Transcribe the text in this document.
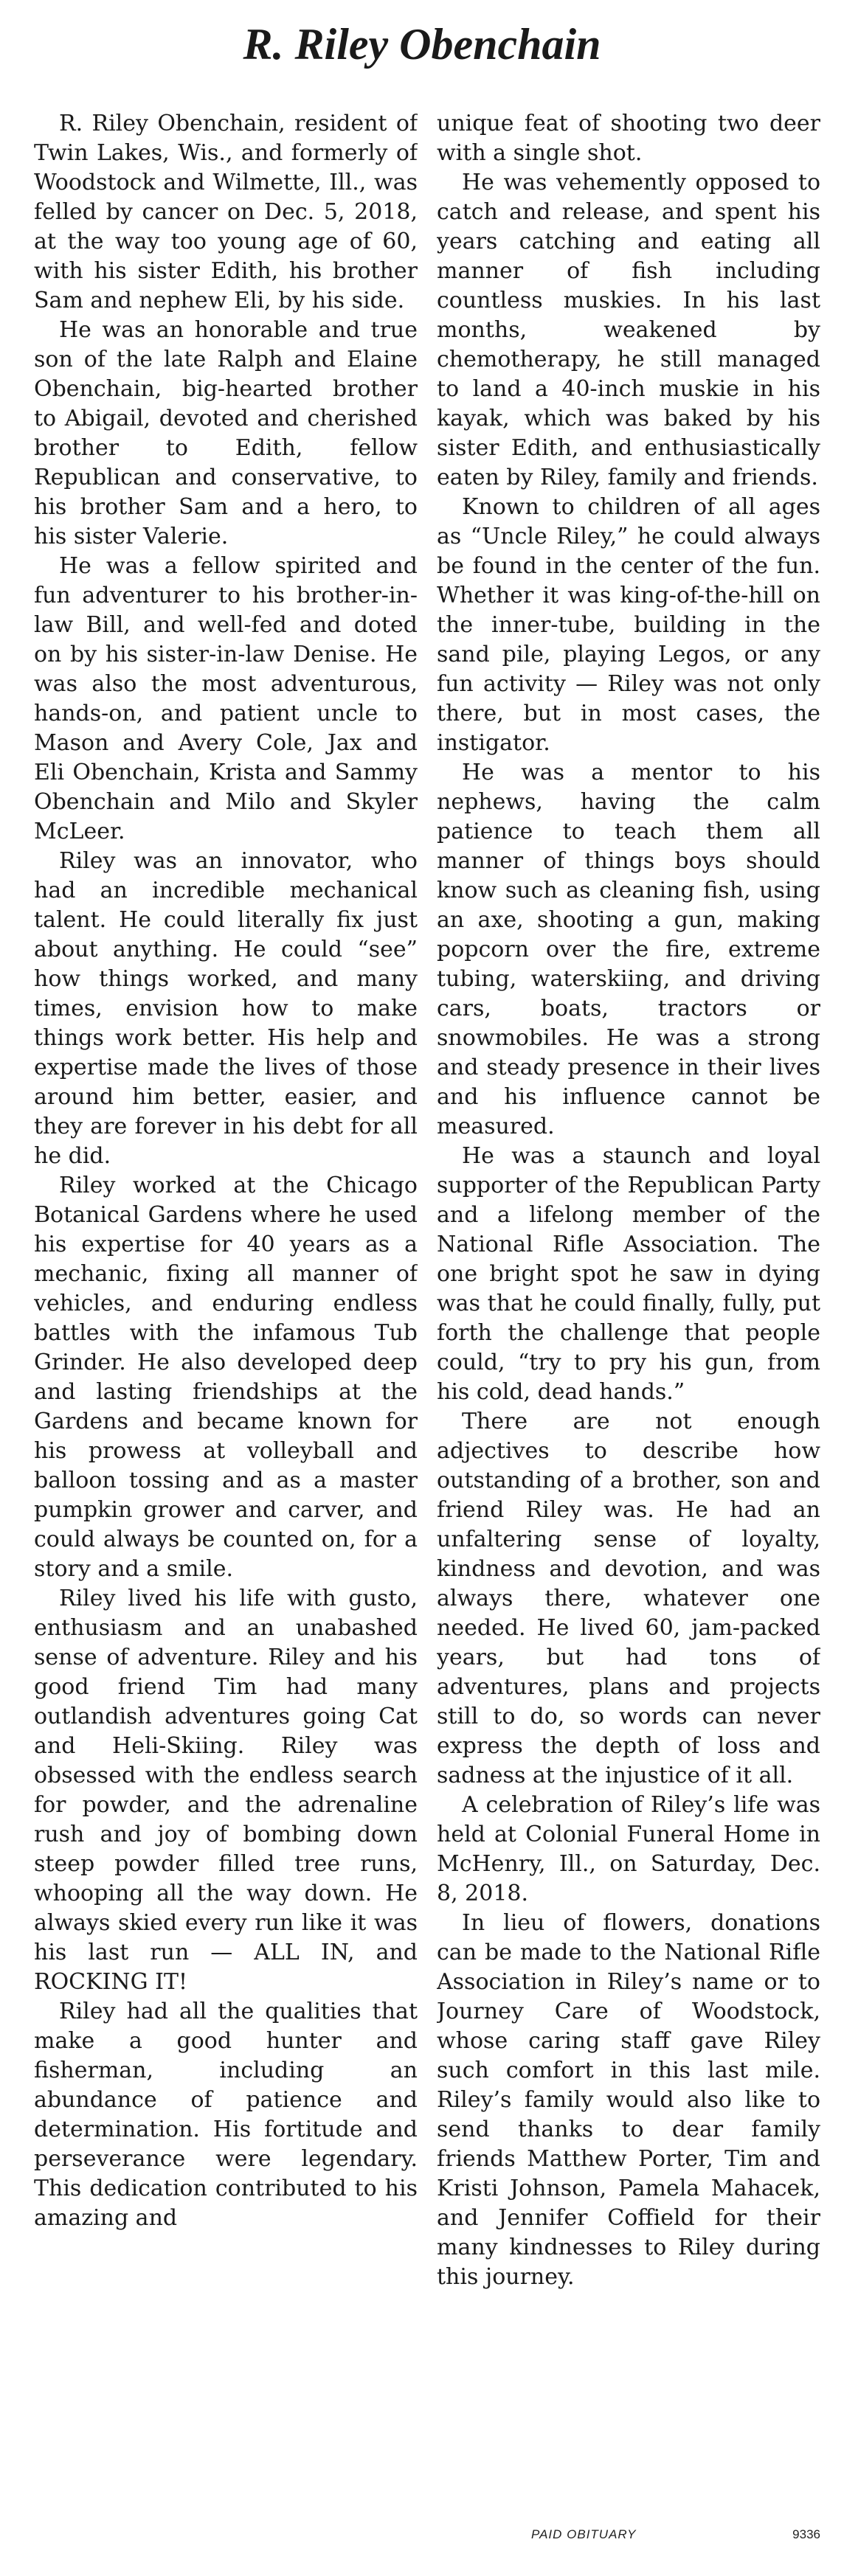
R. Riley Obenchain

R. Riley Obenchain, resident of Twin Lakes, Wis., and formerly of Woodstock and Wilmette, Ill., was felled by cancer on Dec. 5, 2018, at the way too young age of 60, with his sister Edith, his brother Sam and nephew Eli, by his side.

He was an honorable and true son of the late Ralph and Elaine Obenchain, big-hearted brother to Abigail, devoted and cherished brother to Edith, fellow Republican and conservative, to his brother Sam and a hero, to his sister Valerie.

He was a fellow spirited and fun adventurer to his brother-in-law Bill, and well-fed and doted on by his sister-in-law Denise. He was also the most adventurous, hands-on, and patient uncle to Mason and Avery Cole, Jax and Eli Obenchain, Krista and Sammy Obenchain and Milo and Skyler McLeer.

Riley was an innovator, who had an incredible mechanical talent. He could literally fix just about anything. He could “see” how things worked, and many times, envision how to make things work better. His help and expertise made the lives of those around him better, easier, and they are forever in his debt for all he did.

Riley worked at the Chicago Botanical Gardens where he used his expertise for 40 years as a mechanic, fixing all manner of vehicles, and enduring endless battles with the infamous Tub Grinder. He also developed deep and lasting friendships at the Gardens and became known for his prowess at volleyball and balloon tossing and as a master pumpkin grower and carver, and could always be counted on, for a story and a smile.

Riley lived his life with gusto, enthusiasm and an unabashed sense of adventure. Riley and his good friend Tim had many outlandish adventures going Cat and Heli-Skiing. Riley was obsessed with the endless search for powder, and the adrenaline rush and joy of bombing down steep powder filled tree runs, whooping all the way down. He always skied every run like it was his last run — ALL IN, and ROCKING IT!

Riley had all the qualities that make a good hunter and fisherman, including an abundance of patience and determination. His fortitude and perseverance were legendary. This dedication contributed to his amazing and

unique feat of shooting two deer with a single shot.

He was vehemently opposed to catch and release, and spent his years catching and eating all manner of fish including countless muskies. In his last months, weakened by chemotherapy, he still managed to land a 40-inch muskie in his kayak, which was baked by his sister Edith, and enthusiastically eaten by Riley, family and friends.

Known to children of all ages as “Uncle Riley,” he could always be found in the center of the fun. Whether it was king-of-the-hill on the inner-tube, building in the sand pile, playing Legos, or any fun activity — Riley was not only there, but in most cases, the instigator.

He was a mentor to his nephews, having the calm patience to teach them all manner of things boys should know such as cleaning fish, using an axe, shooting a gun, making popcorn over the fire, extreme tubing, waterskiing, and driving cars, boats, tractors or snowmobiles. He was a strong and steady presence in their lives and his influence cannot be measured.

He was a staunch and loyal supporter of the Republican Party and a lifelong member of the National Rifle Association. The one bright spot he saw in dying was that he could finally, fully, put forth the challenge that people could, “try to pry his gun, from his cold, dead hands.”

There are not enough adjectives to describe how outstanding of a brother, son and friend Riley was. He had an unfaltering sense of loyalty, kindness and devotion, and was always there, whatever one needed. He lived 60, jam-packed years, but had tons of adventures, plans and projects still to do, so words can never express the depth of loss and sadness at the injustice of it all.

A celebration of Riley’s life was held at Colonial Funeral Home in McHenry, Ill., on Saturday, Dec. 8, 2018.

In lieu of flowers, donations can be made to the National Rifle Association in Riley’s name or to Journey Care of Woodstock, whose caring staff gave Riley such comfort in this last mile. Riley’s family would also like to send thanks to dear family friends Matthew Porter, Tim and Kristi Johnson, Pamela Mahacek, and Jennifer Coffield for their many kindnesses to Riley during this journey.

PAID OBITUARY	9336
